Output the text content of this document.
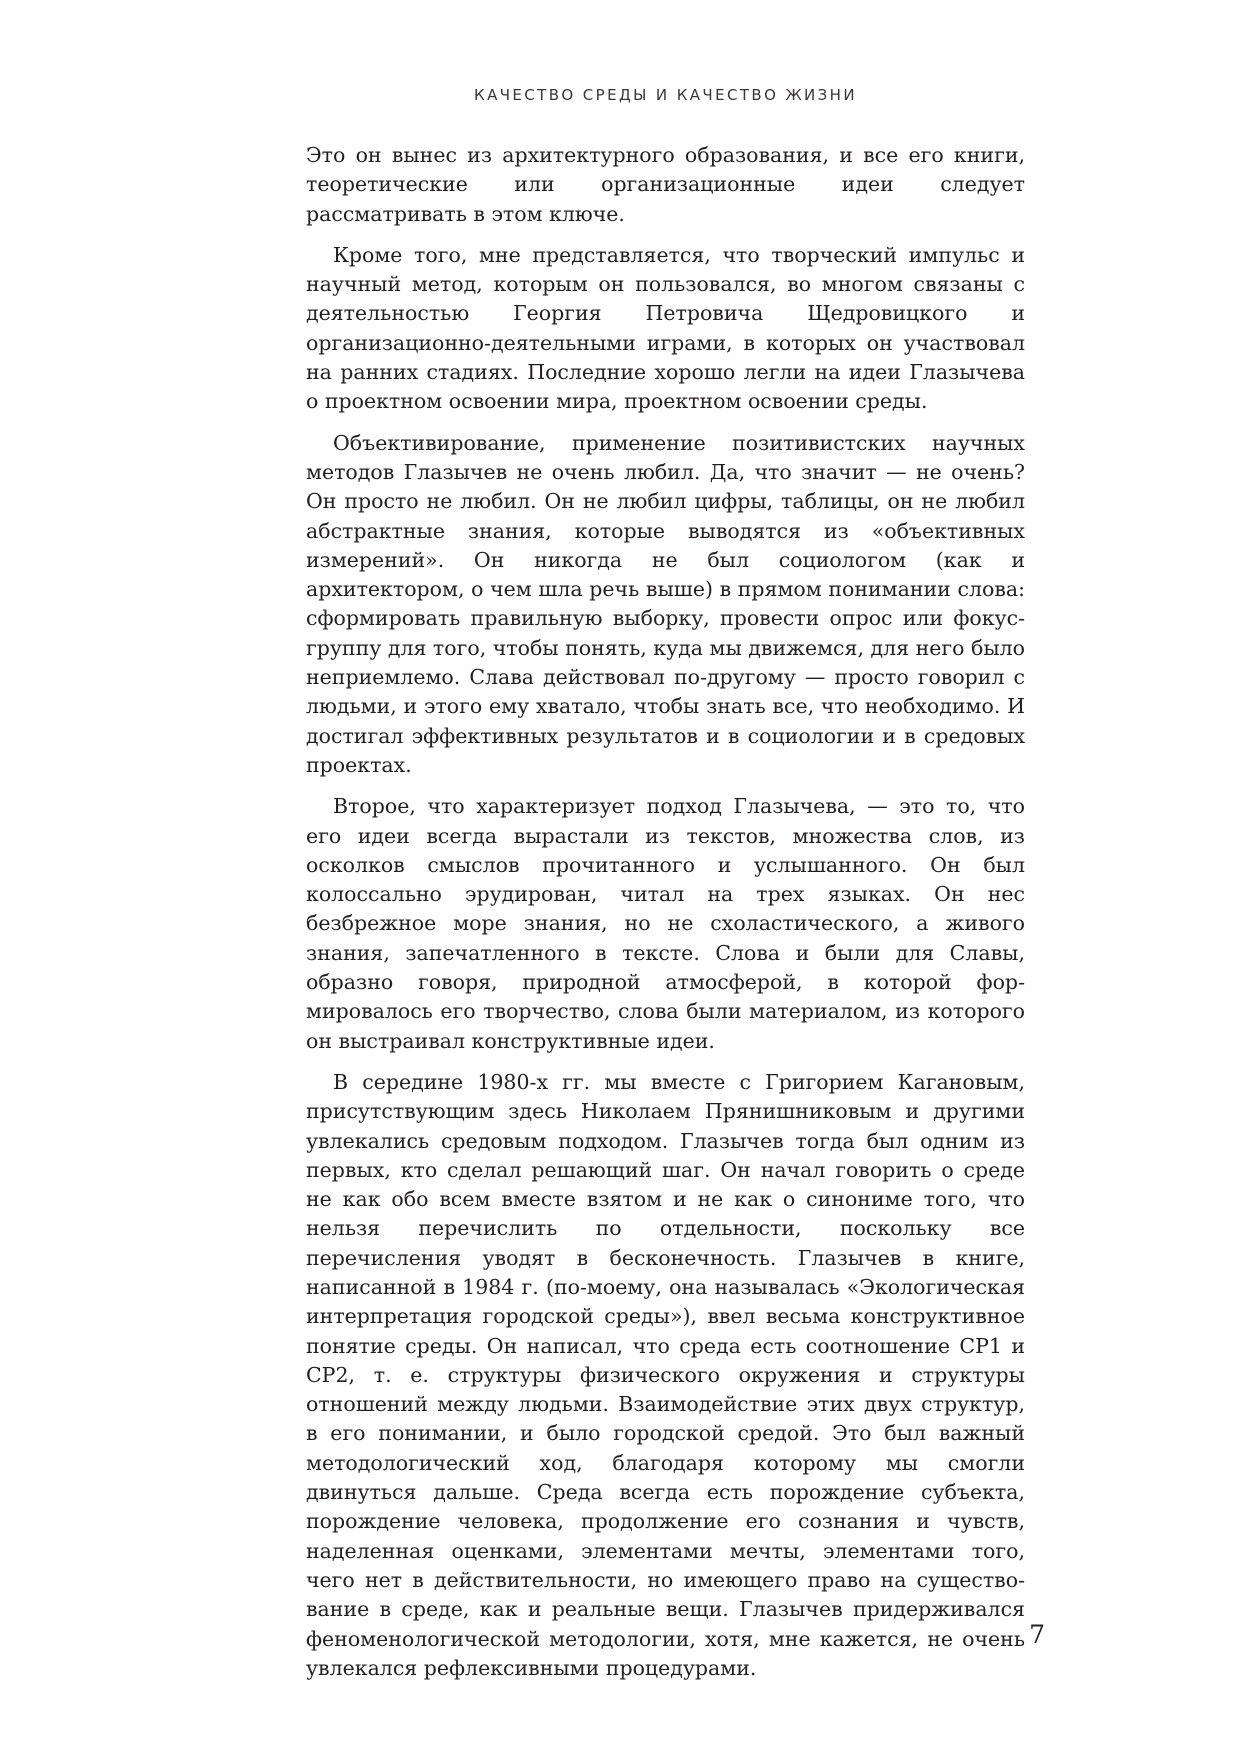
КАЧЕСТВО СРЕДЫ И КАЧЕСТВО ЖИЗНИ

Это он вынес из архитектурного образования, и все его книги, теоретические или организационные идеи следует рассматривать в этом ключе.

Кроме того, мне представляется, что творческий импульс и научный метод, которым он пользовался, во многом связаны с деятельностью Георгия Петровича Щедровицкого и организационно-деятельными играми, в которых он участвовал на ранних стадиях. Последние хорошо легли на идеи Глазычева о проектном освоении мира, проектном освоении среды.

Объективирование, применение позитивистских научных методов Глазычев не очень любил. Да, что значит — не очень? Он просто не любил. Он не любил цифры, таблицы, он не любил абстрактные знания, которые выводятся из «объективных измерений». Он никогда не был социологом (как и архитектором, о чем шла речь выше) в прямом понимании слова: сформировать правильную выборку, провести опрос или фокус-группу для того, чтобы понять, куда мы движемся, для него было неприемлемо. Слава действовал по-другому — просто говорил с людьми, и этого ему хватало, чтобы знать все, что необходимо. И достигал эффективных результатов и в социологии и в средовых проектах.

Второе, что характеризует подход Глазычева, — это то, что его идеи всегда вырастали из текстов, множества слов, из осколков смыслов прочитанного и услышанного. Он был колоссально эрудирован, читал на трех языках. Он нес безбрежное море знания, но не схоластического, а живого знания, запечатленного в тексте. Слова и были для Славы, образно говоря, природной атмосферой, в которой формировалось его творчество, слова были материалом, из которого он выстраивал конструктивные идеи.

В середине 1980-х гг. мы вместе с Григорием Кагановым, присутствующим здесь Николаем Прянишниковым и другими увлекались средовым подходом. Глазычев тогда был одним из первых, кто сделал решающий шаг. Он начал говорить о среде не как обо всем вместе взятом и не как о синониме того, что нельзя перечислить по отдельности, поскольку все перечисления уводят в бесконечность. Глазычев в книге, написанной в 1984 г. (по-моему, она называлась «Экологическая интерпретация городской среды»), ввел весьма конструктивное понятие среды. Он написал, что среда есть соотношение СР1 и СР2, т. е. структуры физического окружения и структуры отношений между людьми. Взаимодействие этих двух структур, в его понимании, и было городской средой. Это был важный методологический ход, благодаря которому мы смогли двинуться дальше. Среда всегда есть порождение субъекта, порождение человека, продолжение его сознания и чувств, наделенная оценками, элементами мечты, элементами того, чего нет в действительности, но имеющего право на существование в среде, как и реальные вещи. Глазычев придерживался феноменологической методологии, хотя, мне кажется, не очень увлекался рефлексивными процедурами.

7
